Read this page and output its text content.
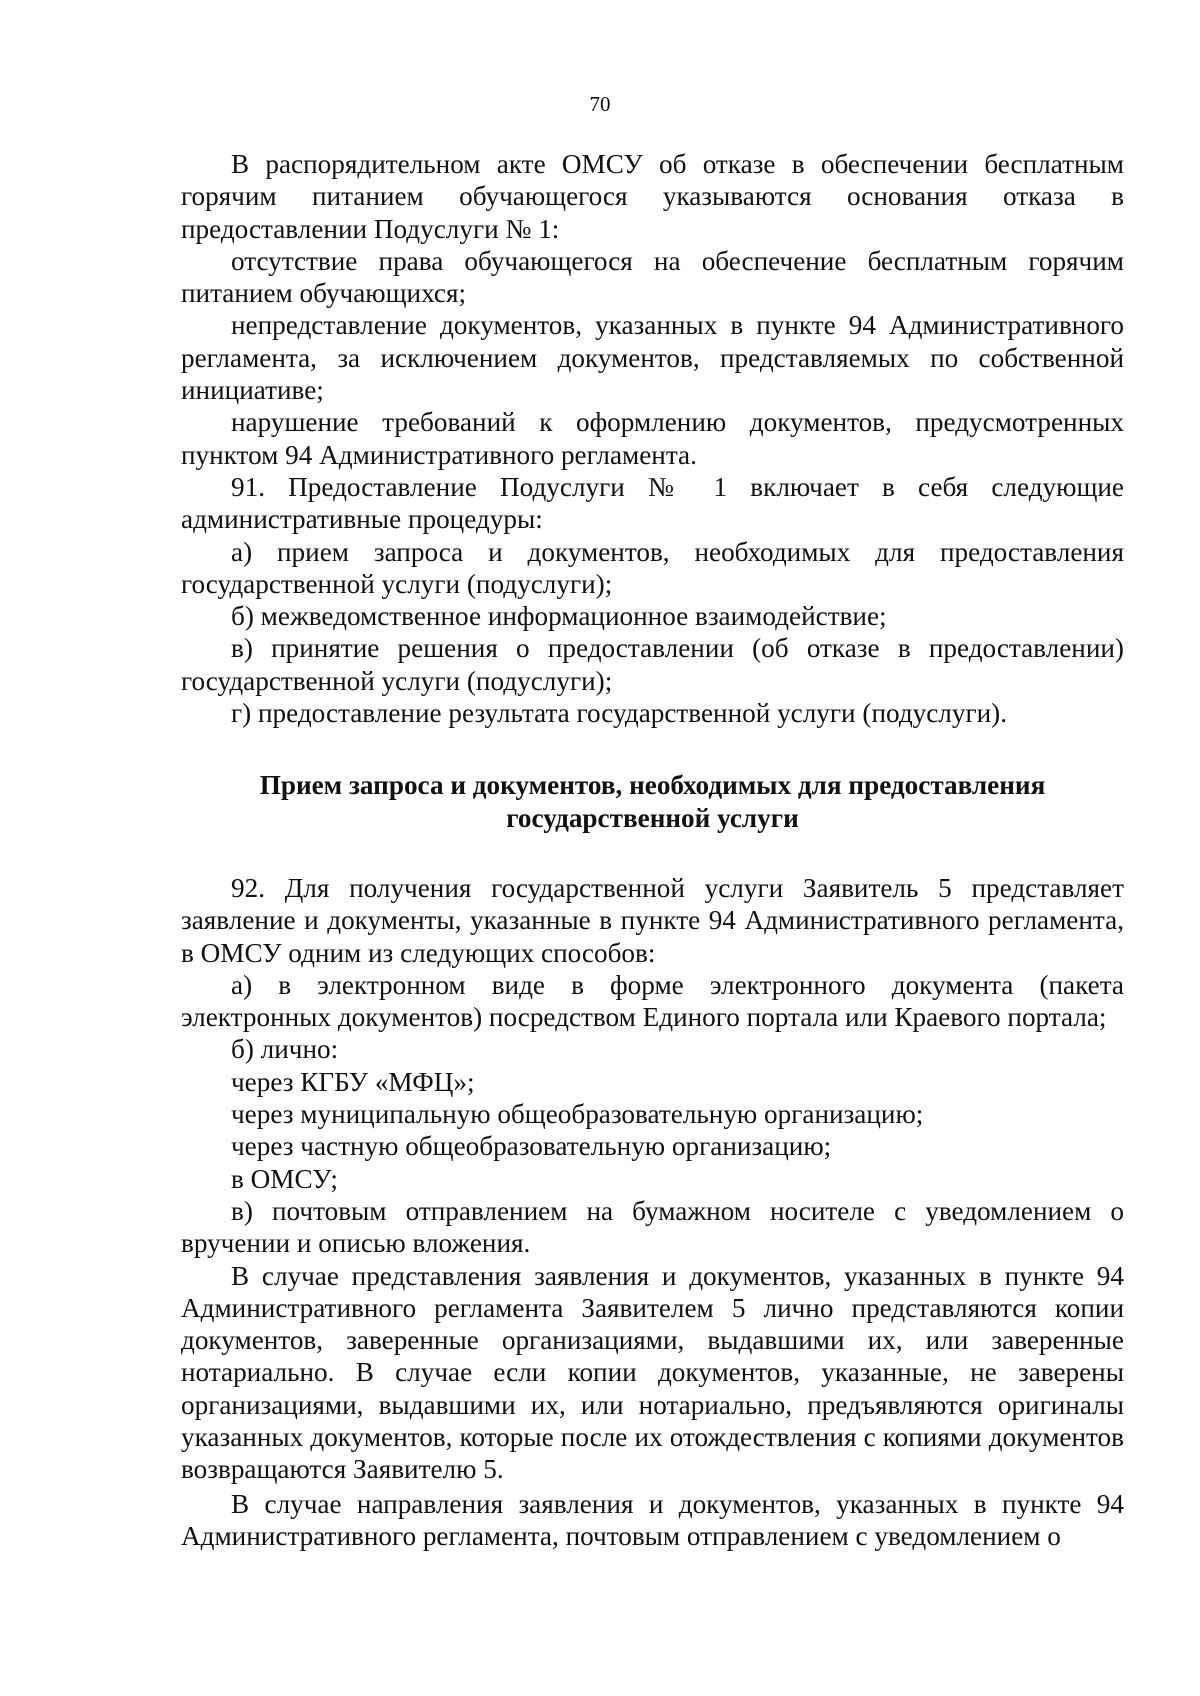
70

В распорядительном акте ОМСУ об отказе в обеспечении бесплатным горячим питанием обучающегося указываются основания отказа в предоставлении Подуслуги № 1:

отсутствие права обучающегося на обеспечение бесплатным горячим питанием обучающихся;

непредставление документов, указанных в пункте 94 Административного регламента, за исключением документов, представляемых по собственной инициативе;

нарушение требований к оформлению документов, предусмотренных пунктом 94 Административного регламента.

91. Предоставление Подуслуги № 1 включает в себя следующие административные процедуры:

а) прием запроса и документов, необходимых для предоставления государственной услуги (подуслуги);

б) межведомственное информационное взаимодействие;

в) принятие решения о предоставлении (об отказе в предоставлении) государственной услуги (подуслуги);

г) предоставление результата государственной услуги (подуслуги).

Прием запроса и документов, необходимых для предоставления
государственной услуги

92. Для получения государственной услуги Заявитель 5 представляет заявление и документы, указанные в пункте 94 Административного регламента, в ОМСУ одним из следующих способов:

а) в электронном виде в форме электронного документа (пакета электронных документов) посредством Единого портала или Краевого портала;

б) лично:

через КГБУ «МФЦ»;

через муниципальную общеобразовательную организацию;

через частную общеобразовательную организацию;

в ОМСУ;

в) почтовым отправлением на бумажном носителе с уведомлением о вручении и описью вложения.

В случае представления заявления и документов, указанных в пункте 94 Административного регламента Заявителем 5 лично представляются копии документов, заверенные организациями, выдавшими их, или заверенные нотариально. В случае если копии документов, указанные, не заверены организациями, выдавшими их, или нотариально, предъявляются оригиналы указанных документов, которые после их отождествления с копиями документов возвращаются Заявителю 5.

В случае направления заявления и документов, указанных в пункте 94 Административного регламента, почтовым отправлением с уведомлением о
